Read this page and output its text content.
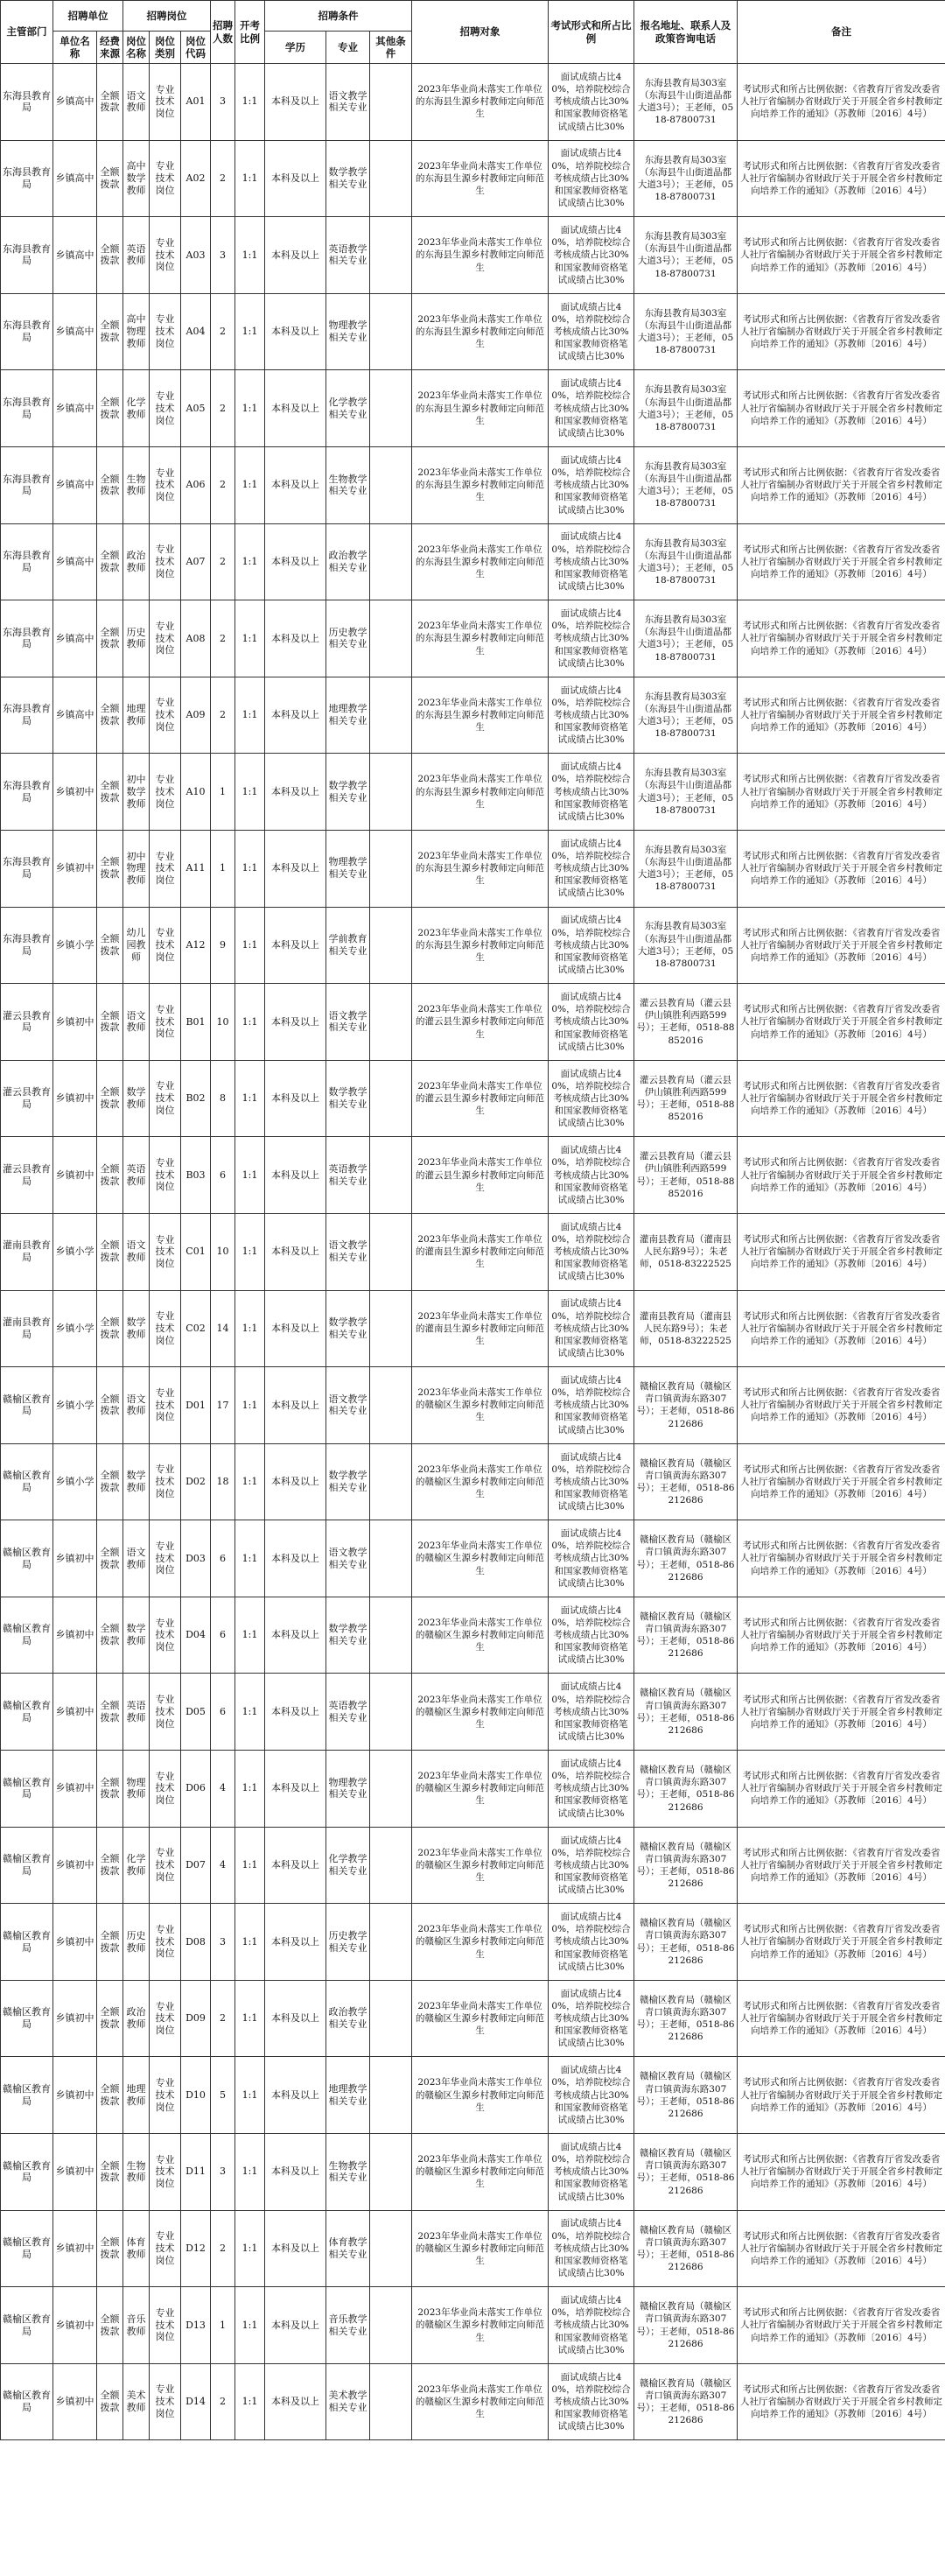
主管部门	招聘单位		招聘岗位			招聘人数	开考比例	招聘条件			招聘对象	考试形式和所占比例	报名地址、联系人及政策咨询电话	备注
	单位名称	经费来源	岗位名称	岗位类别	岗位代码			学历	专业	其他条件				
东海县教育局	乡镇高中	全额拨款	语文教师	专业技术岗位	A01	3	1:1	本科及以上	语文教学相关专业		2023年华业尚未落实工作单位的东海县生源乡村教师定向师范生	面试成绩占比40%，培养院校综合考核成绩占比30%和国家教师资格笔试成绩占比30%	东海县教育局303室（东海县牛山街道晶都大道3号）；王老师，0518-87800731	考试形式和所占比例依据：《省教育厅省发改委省人社厅省编制办省财政厅关于开展全省乡村教师定向培养工作的通知》（苏教师〔2016〕4号）
东海县教育局	乡镇高中	全额拨款	高中数学教师	专业技术岗位	A02	2	1:1	本科及以上	数学教学相关专业		2023年华业尚未落实工作单位的东海县生源乡村教师定向师范生	面试成绩占比40%，培养院校综合考核成绩占比30%和国家教师资格笔试成绩占比30%	东海县教育局303室（东海县牛山街道晶都大道3号）；王老师，0518-87800731	考试形式和所占比例依据：《省教育厅省发改委省人社厅省编制办省财政厅关于开展全省乡村教师定向培养工作的通知》（苏教师〔2016〕4号）
东海县教育局	乡镇高中	全额拨款	英语教师	专业技术岗位	A03	3	1:1	本科及以上	英语教学相关专业		2023年华业尚未落实工作单位的东海县生源乡村教师定向师范生	面试成绩占比40%，培养院校综合考核成绩占比30%和国家教师资格笔试成绩占比30%	东海县教育局303室（东海县牛山街道晶都大道3号）；王老师，0518-87800731	考试形式和所占比例依据：《省教育厅省发改委省人社厅省编制办省财政厅关于开展全省乡村教师定向培养工作的通知》（苏教师〔2016〕4号）
东海县教育局	乡镇高中	全额拨款	高中物理教师	专业技术岗位	A04	2	1:1	本科及以上	物理教学相关专业		2023年华业尚未落实工作单位的东海县生源乡村教师定向师范生	面试成绩占比40%，培养院校综合考核成绩占比30%和国家教师资格笔试成绩占比30%	东海县教育局303室（东海县牛山街道晶都大道3号）；王老师，0518-87800731	考试形式和所占比例依据：《省教育厅省发改委省人社厅省编制办省财政厅关于开展全省乡村教师定向培养工作的通知》（苏教师〔2016〕4号）
东海县教育局	乡镇高中	全额拨款	化学教师	专业技术岗位	A05	2	1:1	本科及以上	化学教学相关专业		2023年华业尚未落实工作单位的东海县生源乡村教师定向师范生	面试成绩占比40%，培养院校综合考核成绩占比30%和国家教师资格笔试成绩占比30%	东海县教育局303室（东海县牛山街道晶都大道3号）；王老师，0518-87800731	考试形式和所占比例依据：《省教育厅省发改委省人社厅省编制办省财政厅关于开展全省乡村教师定向培养工作的通知》（苏教师〔2016〕4号）
东海县教育局	乡镇高中	全额拨款	生物教师	专业技术岗位	A06	2	1:1	本科及以上	生物教学相关专业		2023年华业尚未落实工作单位的东海县生源乡村教师定向师范生	面试成绩占比40%，培养院校综合考核成绩占比30%和国家教师资格笔试成绩占比30%	东海县教育局303室（东海县牛山街道晶都大道3号）；王老师，0518-87800731	考试形式和所占比例依据：《省教育厅省发改委省人社厅省编制办省财政厅关于开展全省乡村教师定向培养工作的通知》（苏教师〔2016〕4号）
东海县教育局	乡镇高中	全额拨款	政治教师	专业技术岗位	A07	2	1:1	本科及以上	政治教学相关专业		2023年华业尚未落实工作单位的东海县生源乡村教师定向师范生	面试成绩占比40%，培养院校综合考核成绩占比30%和国家教师资格笔试成绩占比30%	东海县教育局303室（东海县牛山街道晶都大道3号）；王老师，0518-87800731	考试形式和所占比例依据：《省教育厅省发改委省人社厅省编制办省财政厅关于开展全省乡村教师定向培养工作的通知》（苏教师〔2016〕4号）
东海县教育局	乡镇高中	全额拨款	历史教师	专业技术岗位	A08	2	1:1	本科及以上	历史教学相关专业		2023年华业尚未落实工作单位的东海县生源乡村教师定向师范生	面试成绩占比40%，培养院校综合考核成绩占比30%和国家教师资格笔试成绩占比30%	东海县教育局303室（东海县牛山街道晶都大道3号）；王老师，0518-87800731	考试形式和所占比例依据：《省教育厅省发改委省人社厅省编制办省财政厅关于开展全省乡村教师定向培养工作的通知》（苏教师〔2016〕4号）
东海县教育局	乡镇高中	全额拨款	地理教师	专业技术岗位	A09	2	1:1	本科及以上	地理教学相关专业		2023年华业尚未落实工作单位的东海县生源乡村教师定向师范生	面试成绩占比40%，培养院校综合考核成绩占比30%和国家教师资格笔试成绩占比30%	东海县教育局303室（东海县牛山街道晶都大道3号）；王老师，0518-87800731	考试形式和所占比例依据：《省教育厅省发改委省人社厅省编制办省财政厅关于开展全省乡村教师定向培养工作的通知》（苏教师〔2016〕4号）
东海县教育局	乡镇初中	全额拨款	初中数学教师	专业技术岗位	A10	1	1:1	本科及以上	数学教学相关专业		2023年华业尚未落实工作单位的东海县生源乡村教师定向师范生	面试成绩占比40%，培养院校综合考核成绩占比30%和国家教师资格笔试成绩占比30%	东海县教育局303室（东海县牛山街道晶都大道3号）；王老师，0518-87800731	考试形式和所占比例依据：《省教育厅省发改委省人社厅省编制办省财政厅关于开展全省乡村教师定向培养工作的通知》（苏教师〔2016〕4号）
东海县教育局	乡镇初中	全额拨款	初中物理教师	专业技术岗位	A11	1	1:1	本科及以上	物理教学相关专业		2023年华业尚未落实工作单位的东海县生源乡村教师定向师范生	面试成绩占比40%，培养院校综合考核成绩占比30%和国家教师资格笔试成绩占比30%	东海县教育局303室（东海县牛山街道晶都大道3号）；王老师，0518-87800731	考试形式和所占比例依据：《省教育厅省发改委省人社厅省编制办省财政厅关于开展全省乡村教师定向培养工作的通知》（苏教师〔2016〕4号）
东海县教育局	乡镇小学	全额拨款	幼儿园教师	专业技术岗位	A12	9	1:1	本科及以上	学前教育相关专业		2023年华业尚未落实工作单位的东海县生源乡村教师定向师范生	面试成绩占比40%，培养院校综合考核成绩占比30%和国家教师资格笔试成绩占比30%	东海县教育局303室（东海县牛山街道晶都大道3号）；王老师，0518-87800731	考试形式和所占比例依据：《省教育厅省发改委省人社厅省编制办省财政厅关于开展全省乡村教师定向培养工作的通知》（苏教师〔2016〕4号）
灌云县教育局	乡镇初中	全额拨款	语文教师	专业技术岗位	B01	10	1:1	本科及以上	语文教学相关专业		2023年华业尚未落实工作单位的灌云县生源乡村教师定向师范生	面试成绩占比40%，培养院校综合考核成绩占比30%和国家教师资格笔试成绩占比30%	灌云县教育局（灌云县伊山镇胜利西路599号）；王老师，0518-88852016	考试形式和所占比例依据：《省教育厅省发改委省人社厅省编制办省财政厅关于开展全省乡村教师定向培养工作的通知》（苏教师〔2016〕4号）
灌云县教育局	乡镇初中	全额拨款	数学教师	专业技术岗位	B02	8	1:1	本科及以上	数学教学相关专业		2023年华业尚未落实工作单位的灌云县生源乡村教师定向师范生	面试成绩占比40%，培养院校综合考核成绩占比30%和国家教师资格笔试成绩占比30%	灌云县教育局（灌云县伊山镇胜利西路599号）；王老师，0518-88852016	考试形式和所占比例依据：《省教育厅省发改委省人社厅省编制办省财政厅关于开展全省乡村教师定向培养工作的通知》（苏教师〔2016〕4号）
灌云县教育局	乡镇初中	全额拨款	英语教师	专业技术岗位	B03	6	1:1	本科及以上	英语教学相关专业		2023年华业尚未落实工作单位的灌云县生源乡村教师定向师范生	面试成绩占比40%，培养院校综合考核成绩占比30%和国家教师资格笔试成绩占比30%	灌云县教育局（灌云县伊山镇胜利西路599号）；王老师，0518-88852016	考试形式和所占比例依据：《省教育厅省发改委省人社厅省编制办省财政厅关于开展全省乡村教师定向培养工作的通知》（苏教师〔2016〕4号）
灌南县教育局	乡镇小学	全额拨款	语文教师	专业技术岗位	C01	10	1:1	本科及以上	语文教学相关专业		2023年华业尚未落实工作单位的灌南县生源乡村教师定向师范生	面试成绩占比40%，培养院校综合考核成绩占比30%和国家教师资格笔试成绩占比30%	灌南县教育局（灌南县人民东路9号）；朱老师，0518-83222525	考试形式和所占比例依据：《省教育厅省发改委省人社厅省编制办省财政厅关于开展全省乡村教师定向培养工作的通知》（苏教师〔2016〕4号）
灌南县教育局	乡镇小学	全额拨款	数学教师	专业技术岗位	C02	14	1:1	本科及以上	数学教学相关专业		2023年华业尚未落实工作单位的灌南县生源乡村教师定向师范生	面试成绩占比40%，培养院校综合考核成绩占比30%和国家教师资格笔试成绩占比30%	灌南县教育局（灌南县人民东路9号）；朱老师，0518-83222525	考试形式和所占比例依据：《省教育厅省发改委省人社厅省编制办省财政厅关于开展全省乡村教师定向培养工作的通知》（苏教师〔2016〕4号）
赣榆区教育局	乡镇小学	全额拨款	语文教师	专业技术岗位	D01	17	1:1	本科及以上	语文教学相关专业		2023年华业尚未落实工作单位的赣榆区生源乡村教师定向师范生	面试成绩占比40%，培养院校综合考核成绩占比30%和国家教师资格笔试成绩占比30%	赣榆区教育局（赣榆区青口镇黄海东路307号）；王老师，0518-86212686	考试形式和所占比例依据：《省教育厅省发改委省人社厅省编制办省财政厅关于开展全省乡村教师定向培养工作的通知》（苏教师〔2016〕4号）
赣榆区教育局	乡镇小学	全额拨款	数学教师	专业技术岗位	D02	18	1:1	本科及以上	数学教学相关专业		2023年华业尚未落实工作单位的赣榆区生源乡村教师定向师范生	面试成绩占比40%，培养院校综合考核成绩占比30%和国家教师资格笔试成绩占比30%	赣榆区教育局（赣榆区青口镇黄海东路307号）；王老师，0518-86212686	考试形式和所占比例依据：《省教育厅省发改委省人社厅省编制办省财政厅关于开展全省乡村教师定向培养工作的通知》（苏教师〔2016〕4号）
赣榆区教育局	乡镇初中	全额拨款	语文教师	专业技术岗位	D03	6	1:1	本科及以上	语文教学相关专业		2023年华业尚未落实工作单位的赣榆区生源乡村教师定向师范生	面试成绩占比40%，培养院校综合考核成绩占比30%和国家教师资格笔试成绩占比30%	赣榆区教育局（赣榆区青口镇黄海东路307号）；王老师，0518-86212686	考试形式和所占比例依据：《省教育厅省发改委省人社厅省编制办省财政厅关于开展全省乡村教师定向培养工作的通知》（苏教师〔2016〕4号）
赣榆区教育局	乡镇初中	全额拨款	数学教师	专业技术岗位	D04	6	1:1	本科及以上	数学教学相关专业		2023年华业尚未落实工作单位的赣榆区生源乡村教师定向师范生	面试成绩占比40%，培养院校综合考核成绩占比30%和国家教师资格笔试成绩占比30%	赣榆区教育局（赣榆区青口镇黄海东路307号）；王老师，0518-86212686	考试形式和所占比例依据：《省教育厅省发改委省人社厅省编制办省财政厅关于开展全省乡村教师定向培养工作的通知》（苏教师〔2016〕4号）
赣榆区教育局	乡镇初中	全额拨款	英语教师	专业技术岗位	D05	6	1:1	本科及以上	英语教学相关专业		2023年华业尚未落实工作单位的赣榆区生源乡村教师定向师范生	面试成绩占比40%，培养院校综合考核成绩占比30%和国家教师资格笔试成绩占比30%	赣榆区教育局（赣榆区青口镇黄海东路307号）；王老师，0518-86212686	考试形式和所占比例依据：《省教育厅省发改委省人社厅省编制办省财政厅关于开展全省乡村教师定向培养工作的通知》（苏教师〔2016〕4号）
赣榆区教育局	乡镇初中	全额拨款	物理教师	专业技术岗位	D06	4	1:1	本科及以上	物理教学相关专业		2023年华业尚未落实工作单位的赣榆区生源乡村教师定向师范生	面试成绩占比40%，培养院校综合考核成绩占比30%和国家教师资格笔试成绩占比30%	赣榆区教育局（赣榆区青口镇黄海东路307号）；王老师，0518-86212686	考试形式和所占比例依据：《省教育厅省发改委省人社厅省编制办省财政厅关于开展全省乡村教师定向培养工作的通知》（苏教师〔2016〕4号）
赣榆区教育局	乡镇初中	全额拨款	化学教师	专业技术岗位	D07	4	1:1	本科及以上	化学教学相关专业		2023年华业尚未落实工作单位的赣榆区生源乡村教师定向师范生	面试成绩占比40%，培养院校综合考核成绩占比30%和国家教师资格笔试成绩占比30%	赣榆区教育局（赣榆区青口镇黄海东路307号）；王老师，0518-86212686	考试形式和所占比例依据：《省教育厅省发改委省人社厅省编制办省财政厅关于开展全省乡村教师定向培养工作的通知》（苏教师〔2016〕4号）
赣榆区教育局	乡镇初中	全额拨款	历史教师	专业技术岗位	D08	3	1:1	本科及以上	历史教学相关专业		2023年华业尚未落实工作单位的赣榆区生源乡村教师定向师范生	面试成绩占比40%，培养院校综合考核成绩占比30%和国家教师资格笔试成绩占比30%	赣榆区教育局（赣榆区青口镇黄海东路307号）；王老师，0518-86212686	考试形式和所占比例依据：《省教育厅省发改委省人社厅省编制办省财政厅关于开展全省乡村教师定向培养工作的通知》（苏教师〔2016〕4号）
赣榆区教育局	乡镇初中	全额拨款	政治教师	专业技术岗位	D09	2	1:1	本科及以上	政治教学相关专业		2023年华业尚未落实工作单位的赣榆区生源乡村教师定向师范生	面试成绩占比40%，培养院校综合考核成绩占比30%和国家教师资格笔试成绩占比30%	赣榆区教育局（赣榆区青口镇黄海东路307号）；王老师，0518-86212686	考试形式和所占比例依据：《省教育厅省发改委省人社厅省编制办省财政厅关于开展全省乡村教师定向培养工作的通知》（苏教师〔2016〕4号）
赣榆区教育局	乡镇初中	全额拨款	地理教师	专业技术岗位	D10	5	1:1	本科及以上	地理教学相关专业		2023年华业尚未落实工作单位的赣榆区生源乡村教师定向师范生	面试成绩占比40%，培养院校综合考核成绩占比30%和国家教师资格笔试成绩占比30%	赣榆区教育局（赣榆区青口镇黄海东路307号）；王老师，0518-86212686	考试形式和所占比例依据：《省教育厅省发改委省人社厅省编制办省财政厅关于开展全省乡村教师定向培养工作的通知》（苏教师〔2016〕4号）
赣榆区教育局	乡镇初中	全额拨款	生物教师	专业技术岗位	D11	3	1:1	本科及以上	生物教学相关专业		2023年华业尚未落实工作单位的赣榆区生源乡村教师定向师范生	面试成绩占比40%，培养院校综合考核成绩占比30%和国家教师资格笔试成绩占比30%	赣榆区教育局（赣榆区青口镇黄海东路307号）；王老师，0518-86212686	考试形式和所占比例依据：《省教育厅省发改委省人社厅省编制办省财政厅关于开展全省乡村教师定向培养工作的通知》（苏教师〔2016〕4号）
赣榆区教育局	乡镇初中	全额拨款	体育教师	专业技术岗位	D12	2	1:1	本科及以上	体育教学相关专业		2023年华业尚未落实工作单位的赣榆区生源乡村教师定向师范生	面试成绩占比40%，培养院校综合考核成绩占比30%和国家教师资格笔试成绩占比30%	赣榆区教育局（赣榆区青口镇黄海东路307号）；王老师，0518-86212686	考试形式和所占比例依据：《省教育厅省发改委省人社厅省编制办省财政厅关于开展全省乡村教师定向培养工作的通知》（苏教师〔2016〕4号）
赣榆区教育局	乡镇初中	全额拨款	音乐教师	专业技术岗位	D13	1	1:1	本科及以上	音乐教学相关专业		2023年华业尚未落实工作单位的赣榆区生源乡村教师定向师范生	面试成绩占比40%，培养院校综合考核成绩占比30%和国家教师资格笔试成绩占比30%	赣榆区教育局（赣榆区青口镇黄海东路307号）；王老师，0518-86212686	考试形式和所占比例依据：《省教育厅省发改委省人社厅省编制办省财政厅关于开展全省乡村教师定向培养工作的通知》（苏教师〔2016〕4号）
赣榆区教育局	乡镇初中	全额拨款	美术教师	专业技术岗位	D14	2	1:1	本科及以上	美术教学相关专业		2023年华业尚未落实工作单位的赣榆区生源乡村教师定向师范生	面试成绩占比40%，培养院校综合考核成绩占比30%和国家教师资格笔试成绩占比30%	赣榆区教育局（赣榆区青口镇黄海东路307号）；王老师，0518-86212686	考试形式和所占比例依据：《省教育厅省发改委省人社厅省编制办省财政厅关于开展全省乡村教师定向培养工作的通知》（苏教师〔2016〕4号）
